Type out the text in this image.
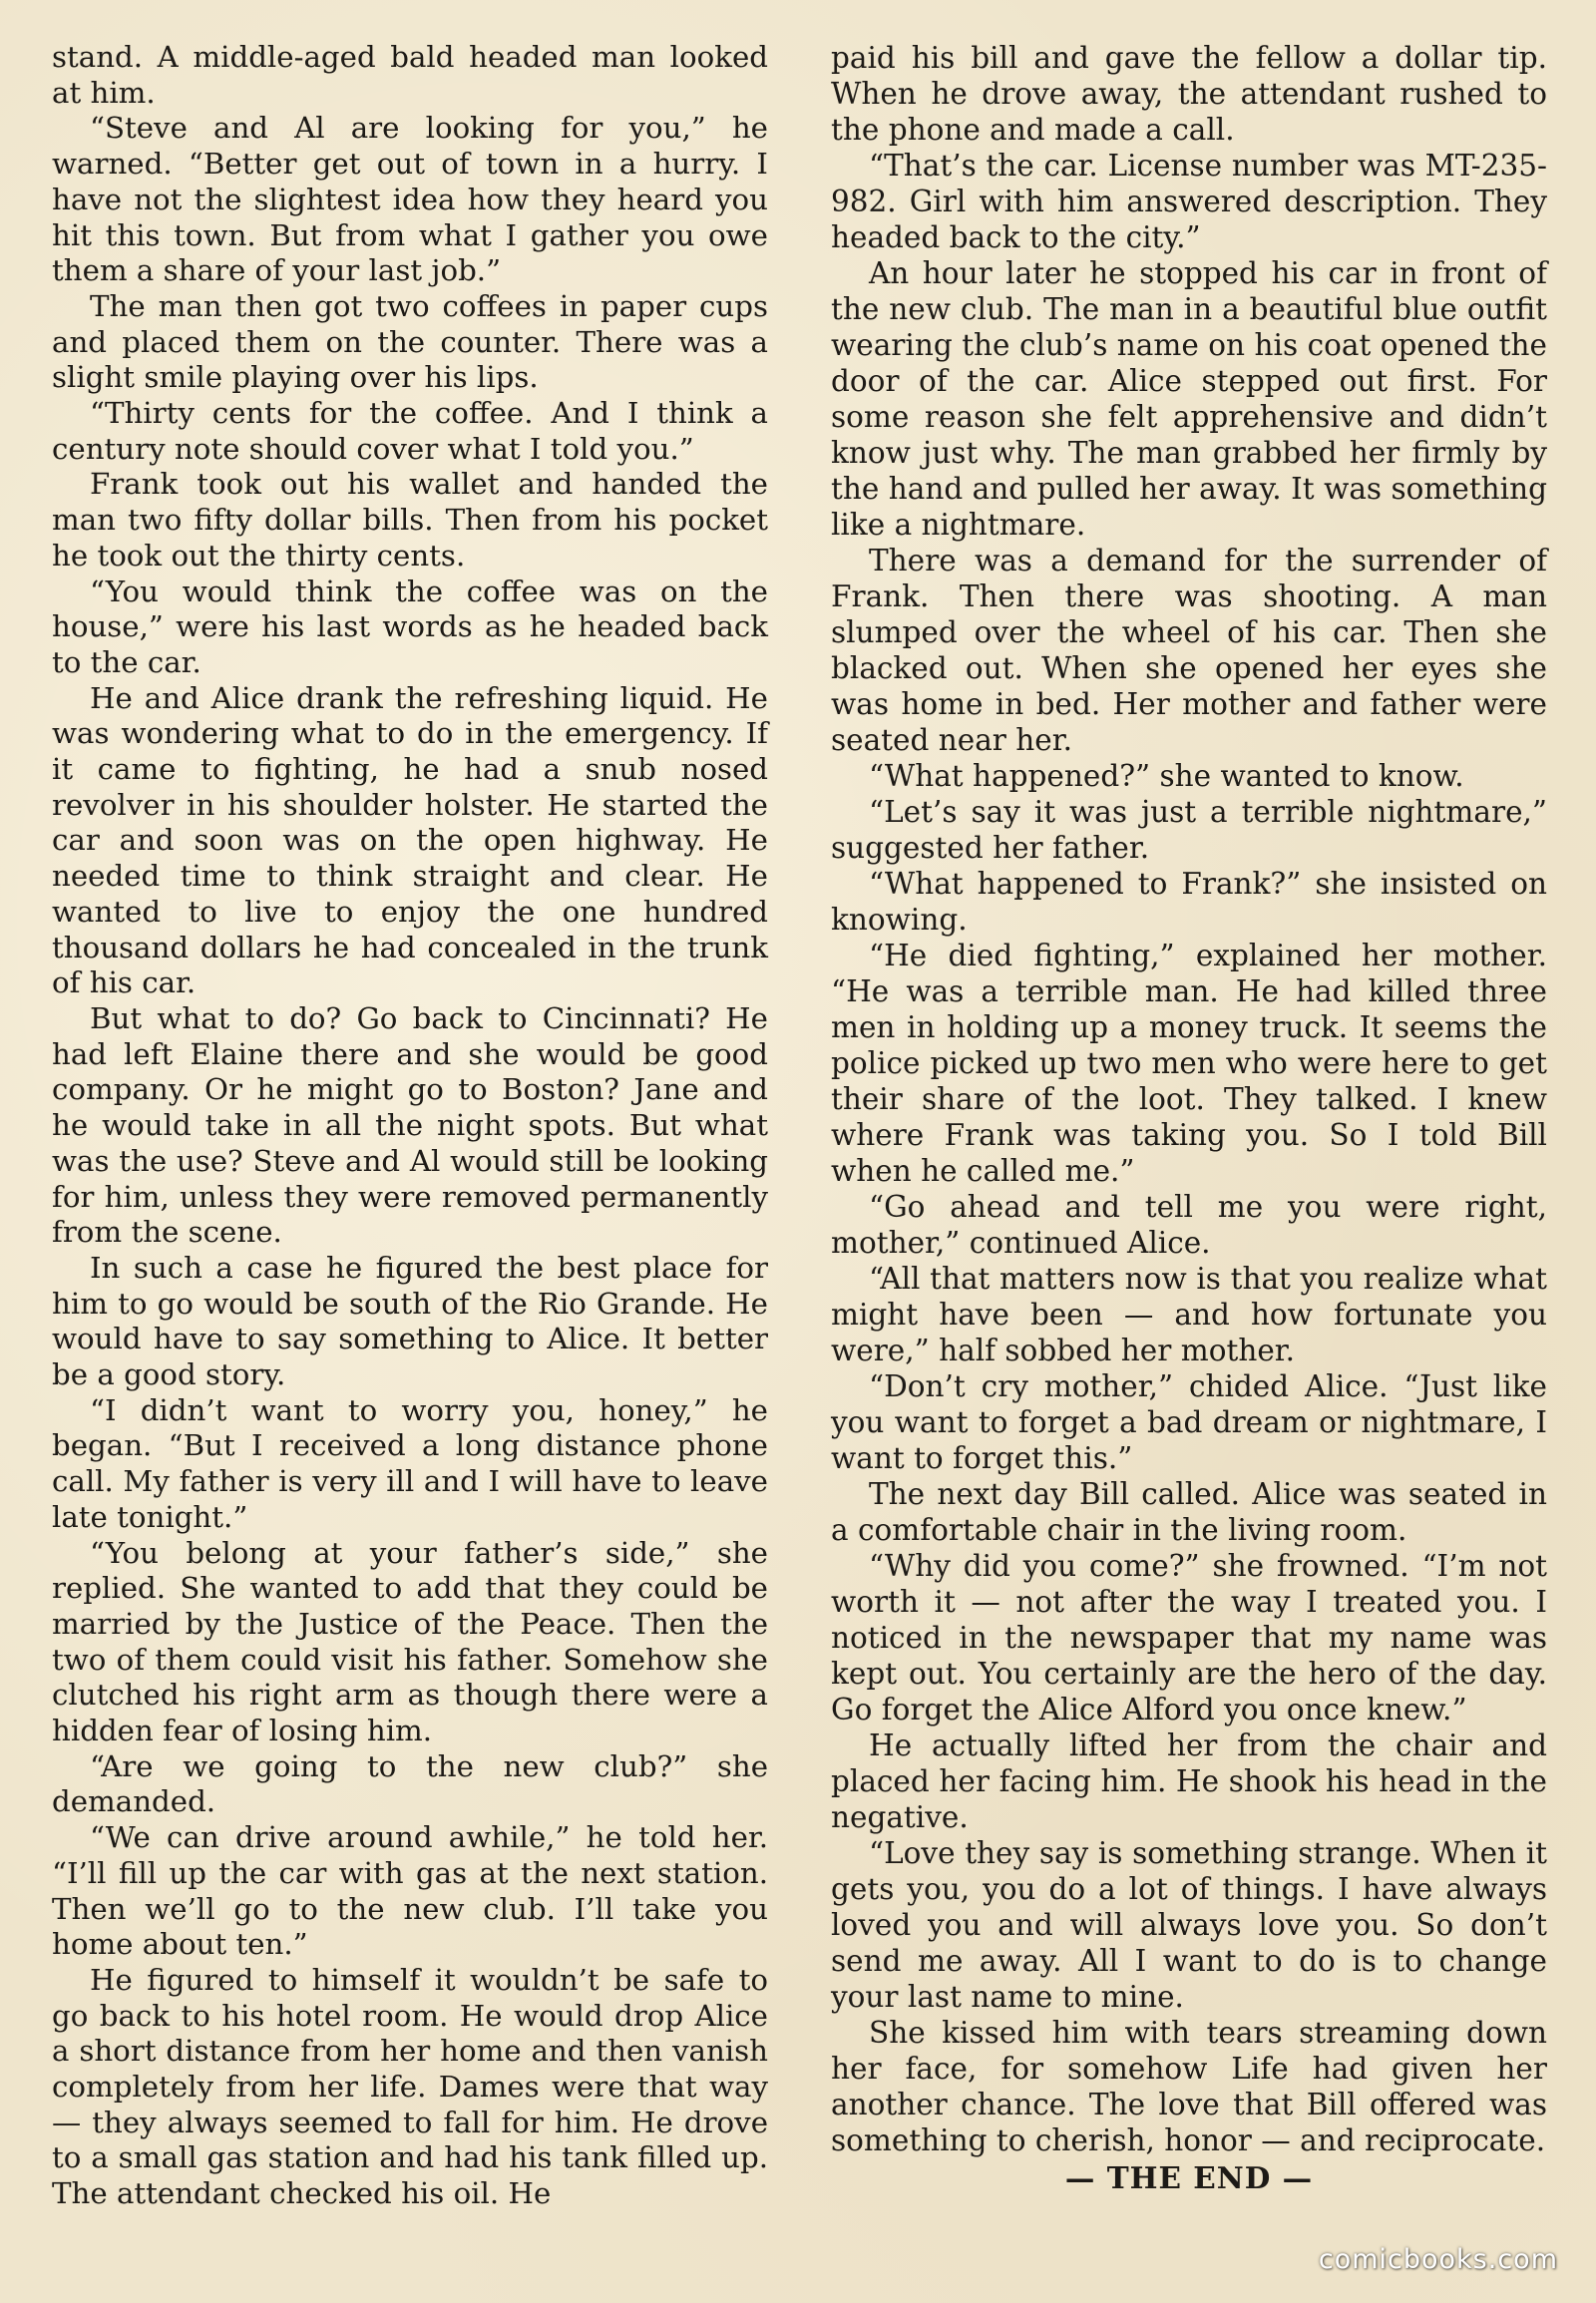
stand. A middle-aged bald headed man looked at him.

“Steve and Al are looking for you,” he warned. “Better get out of town in a hurry. I have not the slightest idea how they heard you hit this town. But from what I gather you owe them a share of your last job.”

The man then got two coffees in paper cups and placed them on the counter. There was a slight smile playing over his lips.

“Thirty cents for the coffee. And I think a century note should cover what I told you.”

Frank took out his wallet and handed the man two fifty dollar bills. Then from his pocket he took out the thirty cents.

“You would think the coffee was on the house,” were his last words as he headed back to the car.

He and Alice drank the refreshing liquid. He was wondering what to do in the emergency. If it came to fighting, he had a snub nosed revolver in his shoulder holster. He started the car and soon was on the open highway. He needed time to think straight and clear. He wanted to live to enjoy the one hundred thousand dollars he had concealed in the trunk of his car.

But what to do? Go back to Cincinnati? He had left Elaine there and she would be good company. Or he might go to Boston? Jane and he would take in all the night spots. But what was the use? Steve and Al would still be looking for him, unless they were removed permanently from the scene.

In such a case he figured the best place for him to go would be south of the Rio Grande. He would have to say something to Alice. It better be a good story.

“I didn’t want to worry you, honey,” he began. “But I received a long distance phone call. My father is very ill and I will have to leave late tonight.”

“You belong at your father’s side,” she replied. She wanted to add that they could be married by the Justice of the Peace. Then the two of them could visit his father. Somehow she clutched his right arm as though there were a hidden fear of losing him.

“Are we going to the new club?” she demanded.

“We can drive around awhile,” he told her. “I’ll fill up the car with gas at the next station. Then we’ll go to the new club. I’ll take you home about ten.”

He figured to himself it wouldn’t be safe to go back to his hotel room. He would drop Alice a short distance from her home and then vanish completely from her life. Dames were that way — they always seemed to fall for him. He drove to a small gas station and had his tank filled up. The attendant checked his oil. He

paid his bill and gave the fellow a dollar tip. When he drove away, the attendant rushed to the phone and made a call.

“That’s the car. License number was MT-235-982. Girl with him answered description. They headed back to the city.”

An hour later he stopped his car in front of the new club. The man in a beautiful blue outfit wearing the club’s name on his coat opened the door of the car. Alice stepped out first. For some reason she felt apprehensive and didn’t know just why. The man grabbed her firmly by the hand and pulled her away. It was something like a nightmare.

There was a demand for the surrender of Frank. Then there was shooting. A man slumped over the wheel of his car. Then she blacked out. When she opened her eyes she was home in bed. Her mother and father were seated near her.

“What happened?” she wanted to know.

“Let’s say it was just a terrible nightmare,” suggested her father.

“What happened to Frank?” she insisted on knowing.

“He died fighting,” explained her mother. “He was a terrible man. He had killed three men in holding up a money truck. It seems the police picked up two men who were here to get their share of the loot. They talked. I knew where Frank was taking you. So I told Bill when he called me.”

“Go ahead and tell me you were right, mother,” continued Alice.

“All that matters now is that you realize what might have been — and how fortunate you were,” half sobbed her mother.

“Don’t cry mother,” chided Alice. “Just like you want to forget a bad dream or nightmare, I want to forget this.”

The next day Bill called. Alice was seated in a comfortable chair in the living room.

“Why did you come?” she frowned. “I’m not worth it — not after the way I treated you. I noticed in the newspaper that my name was kept out. You certainly are the hero of the day. Go forget the Alice Alford you once knew.”

He actually lifted her from the chair and placed her facing him. He shook his head in the negative.

“Love they say is something strange. When it gets you, you do a lot of things. I have always loved you and will always love you. So don’t send me away. All I want to do is to change your last name to mine.

She kissed him with tears streaming down her face, for somehow Life had given her another chance. The love that Bill offered was something to cherish, honor — and reciprocate.

— THE END —

comicbooks.com
